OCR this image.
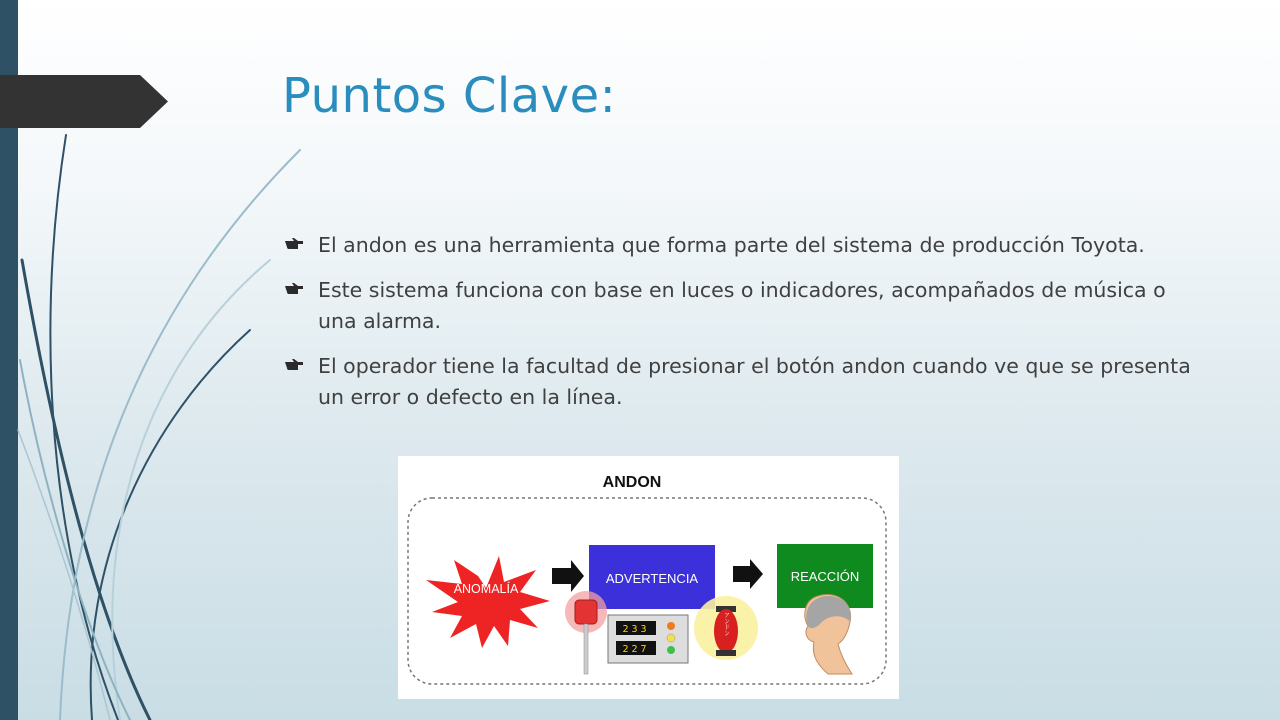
Puntos Clave:
El andon es una herramienta que forma parte del sistema de producción Toyota.
Este sistema funciona con base en luces o indicadores, acompañados de música o una alarma.
El operador tiene la facultad de presionar el botón andon cuando ve que se presenta un error o defecto en la línea.
ANDON
ANOMALÍA
ADVERTENCIA	REACCIÓN
233
227
アンドン
